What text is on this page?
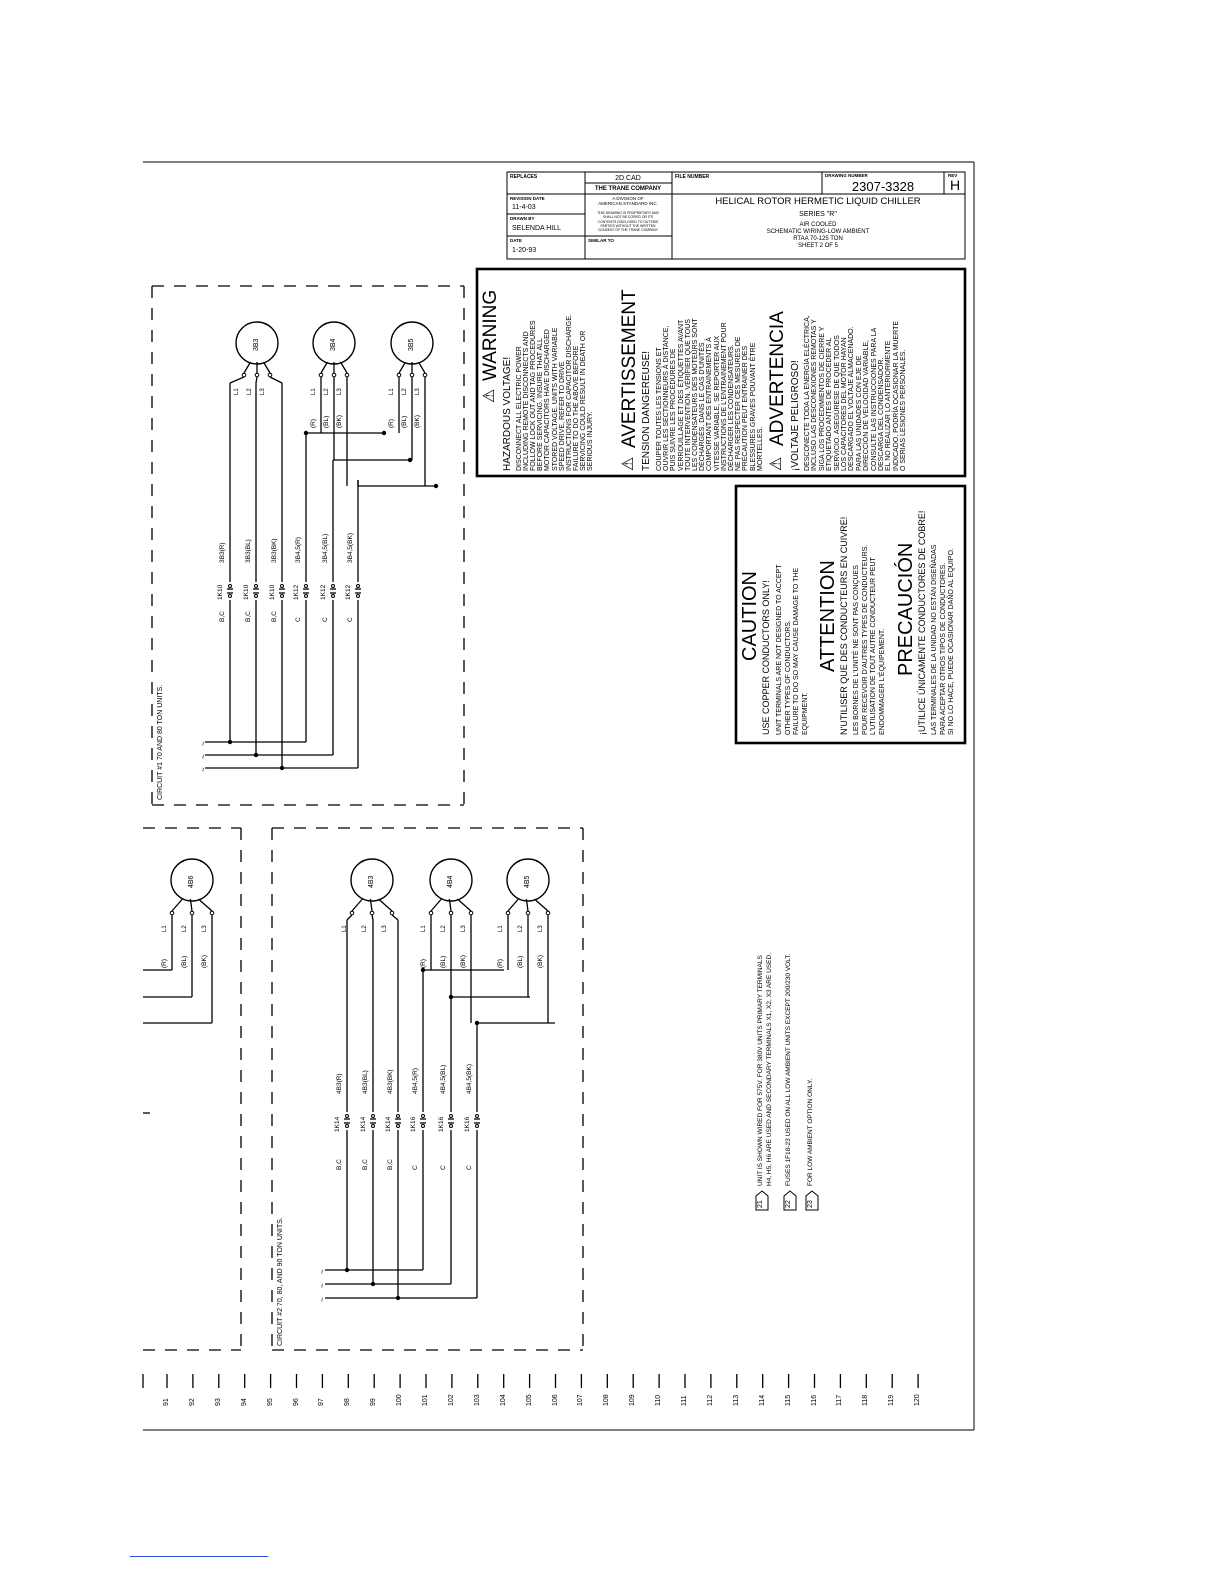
REPLACES	2D CAD
THE TRANE COMPANY
A DIVISION OF
AMERICAN STANDARD INC.
THIS DRAWING IS PROPRIETARY AND
SHALL NOT BE COPIED OR ITS
CONTENTS DISCLOSED TO OUTSIDE
PARTIES WITHOUT THE WRITTEN
CONSENT OF THE TRANE COMPANY
FILE NUMBER	DRAWING NUMBER
2307-3328
REV
H
REVISION DATE
11-4-03
DRAWN BY
SELENDA HILL
DATE
1-20-93
SIMILAR TO
HELICAL ROTOR HERMETIC LIQUID CHILLER
SERIES "R"
AIR COOLED
SCHEMATIC WIRING-LOW AMBIENT
RTAA 70-125 TON
SHEET 2 OF 5
⚠
WARNING
HAZARDOUS VOLTAGE! DISCONNECT ALL ELECTRIC POWER INCLUDING REMOTE DISCONNECTS AND FOLLOW LOCK OUT AND TAG PROCEDURES BEFORE SERVICING. INSURE THAT ALL MOTOR CAPACITORS HAVE DISCHARGED STORED VOLTAGE. UNITS WITH VARIABLE SPEED DRIVE, REFER TO DRIVE INSTRUCTIONS FOR CAPACITOR DISCHARGE. FAILURE TO DO THE ABOVE BEFORE SERVICING COULD RESULT IN DEATH OR SERIOUS INJURY. ⚠
AVERTISSEMENT TENSION DANGEREUSE! COUPER TOUTES LES TENSIONS ET OUVRIR LES SECTIONNEURS À DISTANCE, PUIS SUIVRE LES PROCÉDURES DE VERROUILLAGE ET DES ÉTIQUETTES AVANT TOUTE INTERVENTION. VÉRIFIER QUE TOUS LES CONDENSATEURS DES MOTEURS SONT DÉCHARGÉS. DANS LE CAS D'UNITÉS COMPORTANT DES ENTRAINEMENTS À VITESSE VARIABLE, SE REPORTER AUX INSTRUCTIONS DE L'ENTRAINEMENT POUR DÉCHARGER LES CONDENSATEURS. NE PAS RESPECTER CES MESURES DE PRÉCAUTION PEUT ENTRAINER DES BLESSURES GRAVES POUVANT ÊTRE MORTELLES. ⚠
ADVERTENCIA ¡VOLTAJE PELIGROSO! DESCONECTE TODA LA ENERGÍA ELÉCTRICA, INCLUSO LAS DESCONEXIONES REMOTAS Y SIGA LOS PROCEDIMIENTOS DE CIERRE Y ETIQUETADO ANTES DE PROCEDER AL SERVICIO. ASEGÚRESE DE QUE TODOS LOS CAPACITORES DEL MOTOR HAYAN DESCARGADO EL VOLTAJE ALMACENADO. PARA LAS UNIDADES CON EJE DE DIRECCIÓN DE VELOCIDAD VARIABLE, CONSULTE LAS INSTRUCCIONES PARA LA DESCARGA DEL CONDENSADOR. EL NO REALIZAR LO ANTERIORMENTE INDICADO, PODRÍA OCASIONAR LA MUERTE O SERIAS LESIONES PERSONALES.
CAUTION USE COPPER CONDUCTORS ONLY! UNIT TERMINALS ARE NOT DESIGNED TO ACCEPT OTHER TYPES OF CONDUCTORS. FAILURE TO DO SO MAY CAUSE DAMAGE TO THE EQUIPMENT.
ATTENTION N'UTILISER QUE DES CONDUCTEURS EN CUIVRE! LES BORNES DE L'UNITÉ NE SONT PAS CONÇUES POUR RECEVOIR D'AUTRES TYPES DE CONDUCTEURS. L'UTILISATION DE TOUT AUTRE CONDUCTEUR PEUT ENDOMMAGER L'ÉQUIPEMENT.
PRECAUCIÓN ¡UTILICE ÚNICAMENTE CONDUCTORES DE COBRE! LAS TERMINALES DE LA UNIDAD NO ESTÁN DISEÑADAS PARA ACEPTAR OTROS TIPOS DE CONDUCTORES. SI NO LO HACE, PUEDE OCASIONAR DAÑO AL EQUIPO.
CIRCUIT #1 70 AND 80 TON UNITS.	~
~
~
1K10
3B3(R)
B,C
1K10
3B3(BL)
B,C
1K10
3B3(BK)
B,C
1K12
3B4,5(R)
C
1K12
3B4,5(BL)
C
1K12
3B4,5(BK)
C
3B3
L1 L2 L3
3B4
L1
(R)
L2
(BL)
L3
(BK)
3B5
L1
(R)
L2
(BL)
L3
(BK)
CIRCUIT #2 70, 80, AND 90 TON UNITS.	~
~
~
1K14
4B3(R)
B,C
1K14
4B3(BL)
B,C
1K14
4B3(BK)
B,C
1K16
4B4,5(R)
C
1K16
4B4,5(BL)
C
1K16
4B4,5(BK)
C
4B3
L1 L2 L3
4B4
L1
(R)
L2
(BL)
L3
(BK)
4B5
L1
(R)
L2
(BL)
L3
(BK)
4B6
L1
(R)
L2
(BL)
L3
(BK)
21
UNIT IS SHOWN WIRED FOR 575V. FOR 380V UNITS PRIMARY TERMINALS H4, H5, H6 ARE USED AND SECONDARY TERMINALS X1, X2, X3 ARE USED.
22
FUSES 1F18-23 USED ON ALL LOW AMBIENT UNITS EXCEPT 200/230 VOLT.
23
FOR LOW AMBIENT OPTION ONLY.
91	92	93	94	95	96	97	98	99	100	101	102	103	104	105	106	107	108	109	110	111	112	113	114	115	116	117	118	119	120
